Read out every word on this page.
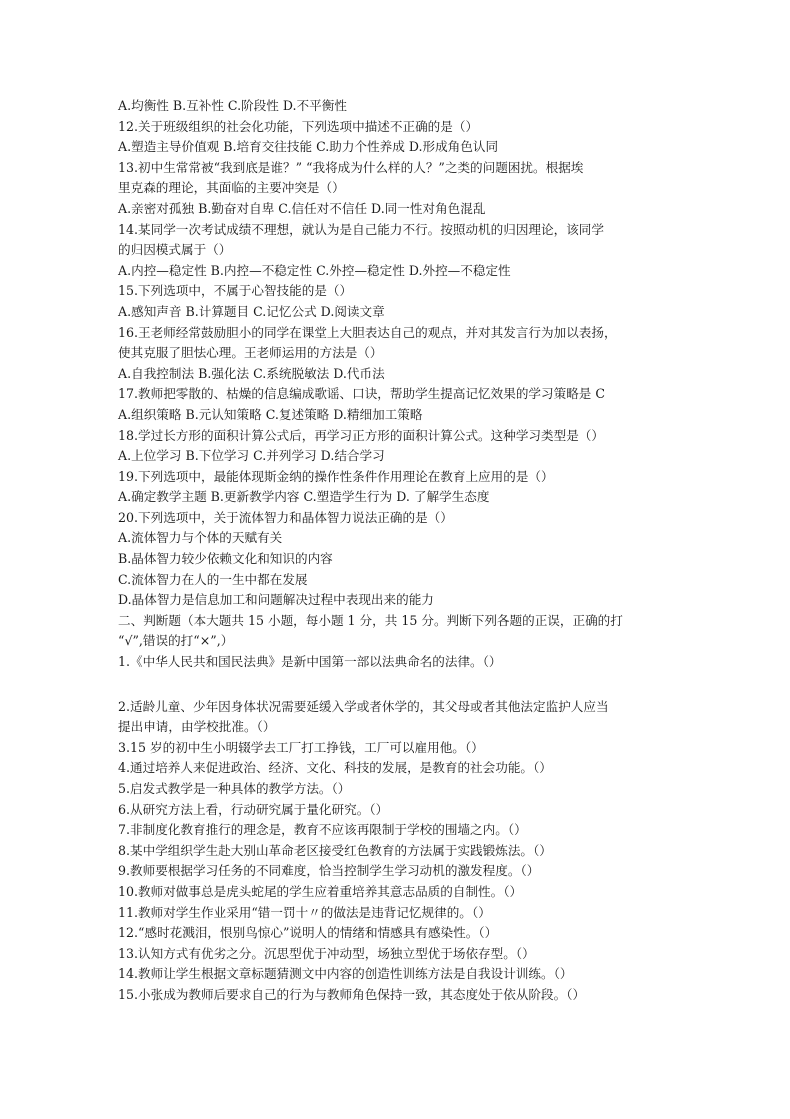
A.均衡性 B.互补性 C.阶段性 D.不平衡性
12.关于班级组织的社会化功能，下列选项中描述不正确的是（）
A.塑造主导价值观 B.培育交往技能 C.助力个性养成 D.形成角色认同
13.初中生常常被“我到底是谁？” “我将成为什么样的人？”之类的问题困扰。根据埃
里克森的理论，其面临的主要冲突是（）
A.亲密对孤独 B.勤奋对自卑 C.信任对不信任 D.同一性对角色混乱
14.某同学一次考试成绩不理想，就认为是自己能力不行。按照动机的归因理论，该同学
的归因模式属于（）
A.内控—稳定性 B.内控—不稳定性 C.外控—稳定性 D.外控—不稳定性
15.下列选项中，不属于心智技能的是（）
A.感知声音 B.计算题目 C.记忆公式 D.阅读文章
16.王老师经常鼓励胆小的同学在课堂上大胆表达自己的观点，并对其发言行为加以表扬，
使其克服了胆怯心理。王老师运用的方法是（）
A.自我控制法 B.强化法 C.系统脱敏法 D.代币法
17.教师把零散的、枯燥的信息编成歌谣、口诀，帮助学生提高记忆效果的学习策略是 C
A.组织策略 B.元认知策略 C.复述策略 D.精细加工策略
18.学过长方形的面积计算公式后，再学习正方形的面积计算公式。这种学习类型是（）
A.上位学习 B.下位学习 C.并列学习 D.结合学习
19.下列选项中，最能体现斯金纳的操作性条件作用理论在教育上应用的是（）
A.确定教学主题 B.更新教学内容 C.塑造学生行为 D. 了解学生态度
20.下列选项中，关于流体智力和晶体智力说法正确的是（）
A.流体智力与个体的天赋有关
B.晶体智力较少依赖文化和知识的内容
C.流体智力在人的一生中都在发展
D.晶体智力是信息加工和问题解决过程中表现出来的能力
二、判断题（本大题共 15 小题，每小题 1 分，共 15 分。判断下列各题的正误，正确的打
“√”,错误的打“×”,）
1.《中华人民共和国民法典》是新中国第一部以法典命名的法律。（）
2.适龄儿童、少年因身体状况需要延缓入学或者休学的，其父母或者其他法定监护人应当
提出申请，由学校批准。（）
3.15 岁的初中生小明辍学去工厂打工挣钱，工厂可以雇用他。（）
4.通过培养人来促进政治、经济、文化、科技的发展，是教育的社会功能。（）
5.启发式教学是一种具体的教学方法。（）
6.从研究方法上看，行动研究属于量化研究。（）
7.非制度化教育推行的理念是，教育不应该再限制于学校的围墙之内。（）
8.某中学组织学生赴大别山革命老区接受红色教育的方法属于实践锻炼法。（）
9.教师要根据学习任务的不同难度，恰当控制学生学习动机的激发程度。（）
10.教师对做事总是虎头蛇尾的学生应着重培养其意志品质的自制性。（）
11.教师对学生作业采用“错一罚十〃的做法是违背记忆规律的。（）
12.“感时花溅泪，恨别鸟惊心”说明人的情绪和情感具有感染性。（）
13.认知方式有优劣之分。沉思型优于冲动型，场独立型优于场依存型。（）
14.教师让学生根据文章标题猜测文中内容的创造性训练方法是自我设计训练。（）
15.小张成为教师后要求自己的行为与教师角色保持一致，其态度处于依从阶段。（）
